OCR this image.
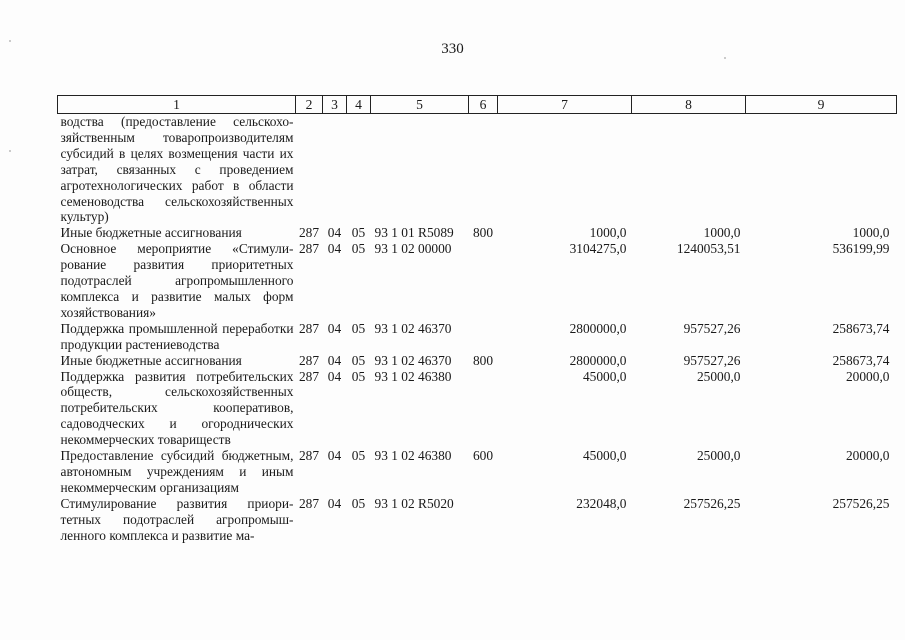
330
1	2	3	4	5	6	7	8	9
водства (предоставление сельскохозяйственным товаропроизводителям субсидий в целях возмещения части их затрат, связанных с проведением агротехнологических работ в области семеноводства сельскохозяйственных культур)								
Иные бюджетные ассигнования	287	04	05	93 1 01 R5089	800	1000,0	1000,0	1000,0
Основное мероприятие «Стимулирование развития приоритетных подотраслей агропромышленного комплекса и развитие малых форм хозяйствования»	287	04	05	93 1 02 00000		3104275,0	1240053,51	536199,99
Поддержка промышленной переработки продукции растениеводства	287	04	05	93 1 02 46370		2800000,0	957527,26	258673,74
Иные бюджетные ассигнования	287	04	05	93 1 02 46370	800	2800000,0	957527,26	258673,74
Поддержка развития потребительских обществ, сельскохозяйственных потребительских кооперативов, садоводческих и огороднических некоммерческих товариществ	287	04	05	93 1 02 46380		45000,0	25000,0	20000,0
Предоставление субсидий бюджетным, автономным учреждениям и иным некоммерческим организациям	287	04	05	93 1 02 46380	600	45000,0	25000,0	20000,0
Стимулирование развития приоритетных подотраслей агропромышленного комплекса и развитие ма-	287	04	05	93 1 02 R5020		232048,0	257526,25	257526,25
